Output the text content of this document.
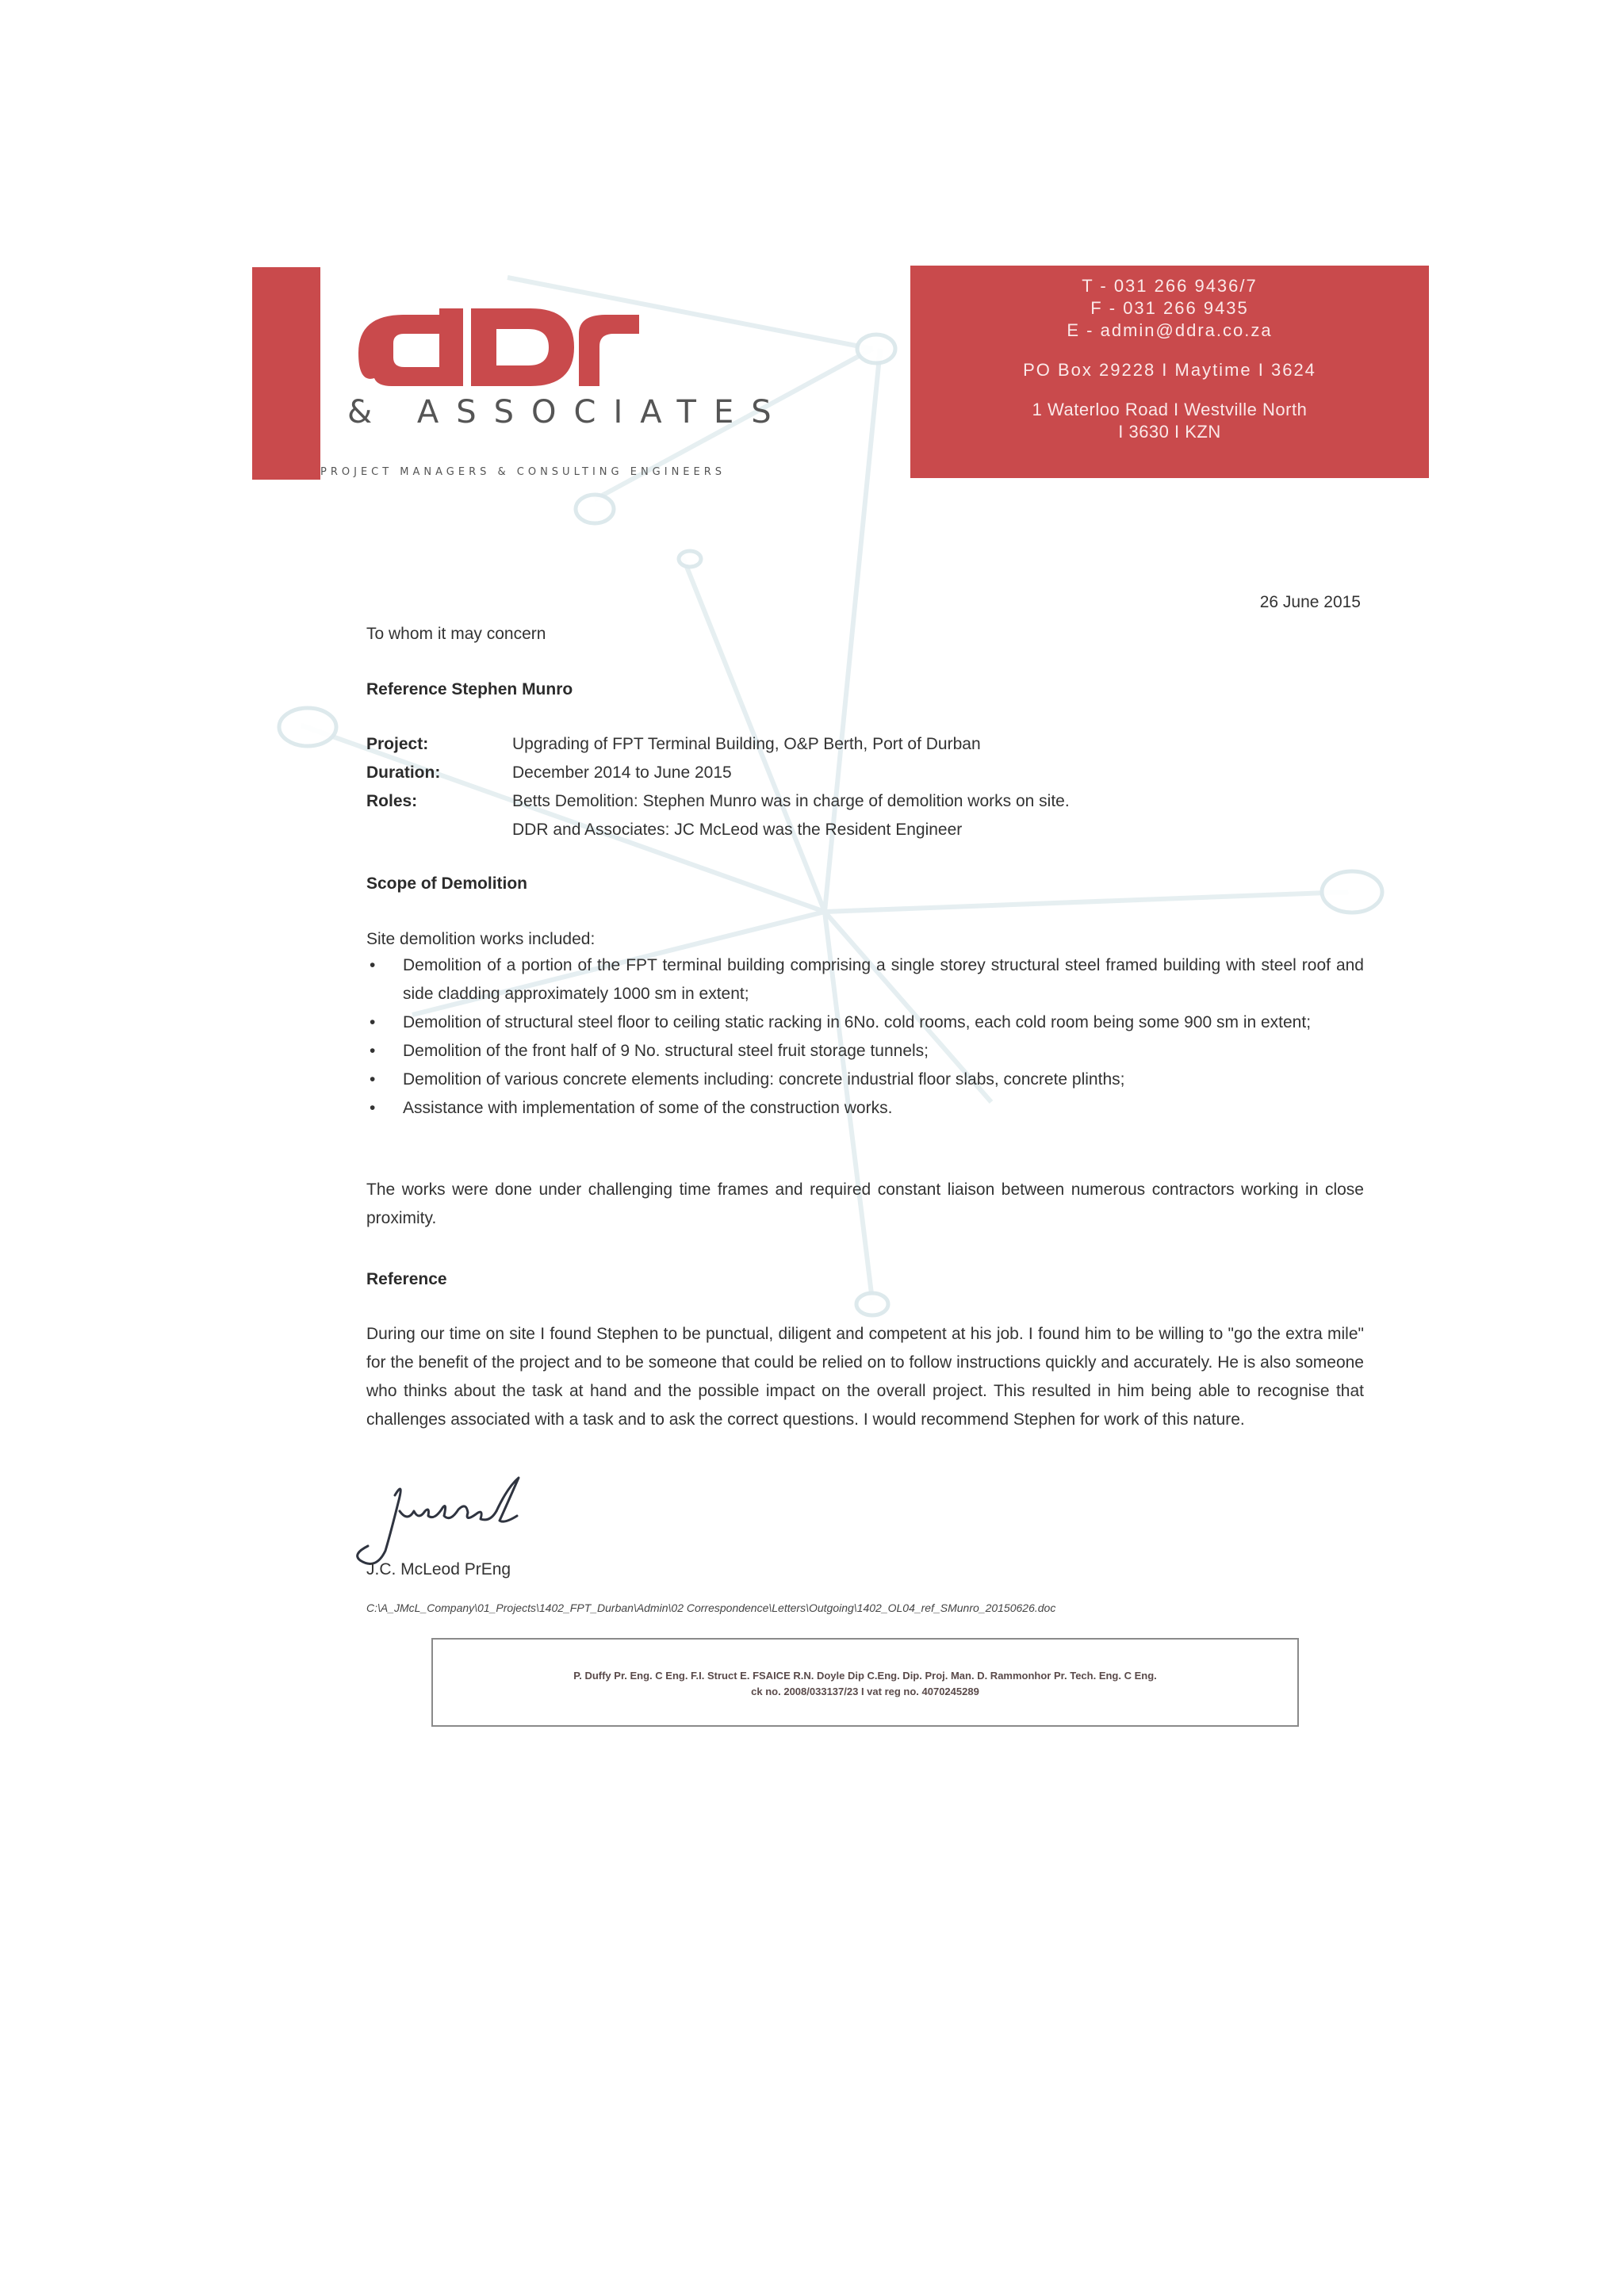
& ASSOCIATES
PROJECT MANAGERS & CONSULTING ENGINEERS
T - 031 266 9436/7
F - 031 266 9435
E - admin@ddra.co.za
PO Box 29228 I Maytime I 3624
1 Waterloo Road I Westville North
I 3630 I KZN
26 June 2015
To whom it may concern
Reference Stephen Munro
Project:	Upgrading of FPT Terminal Building, O&P Berth, Port of Durban
Duration:	December 2014 to June 2015
Roles:	Betts Demolition: Stephen Munro was in charge of demolition works on site.
DDR and Associates: JC McLeod was the Resident Engineer
Scope of Demolition
Site demolition works included:
• Demolition of a portion of the FPT terminal building comprising a single storey structural steel framed building with steel roof and side cladding approximately 1000 sm in extent;
• Demolition of structural steel floor to ceiling static racking in 6No. cold rooms, each cold room being some 900 sm in extent;
• Demolition of the front half of 9 No. structural steel fruit storage tunnels;
• Demolition of various concrete elements including: concrete industrial floor slabs, concrete plinths;
• Assistance with implementation of some of the construction works.
The works were done under challenging time frames and required constant liaison between numerous contractors working in close proximity.
Reference
During our time on site I found Stephen to be punctual, diligent and competent at his job. I found him to be willing to "go the extra mile" for the benefit of the project and to be someone that could be relied on to follow instructions quickly and accurately. He is also someone who thinks about the task at hand and the possible impact on the overall project. This resulted in him being able to recognise that challenges associated with a task and to ask the correct questions. I would recommend Stephen for work of this nature.
J.C. McLeod PrEng
C:\A_JMcL_Company\01_Projects\1402_FPT_Durban\Admin\02 Correspondence\Letters\Outgoing\1402_OL04_ref_SMunro_20150626.doc
P. Duffy Pr. Eng. C Eng. F.I. Struct E. FSAICE R.N. Doyle Dip C.Eng. Dip. Proj. Man. D. Rammonhor Pr. Tech. Eng. C Eng.
ck no. 2008/033137/23 I vat reg no. 4070245289
